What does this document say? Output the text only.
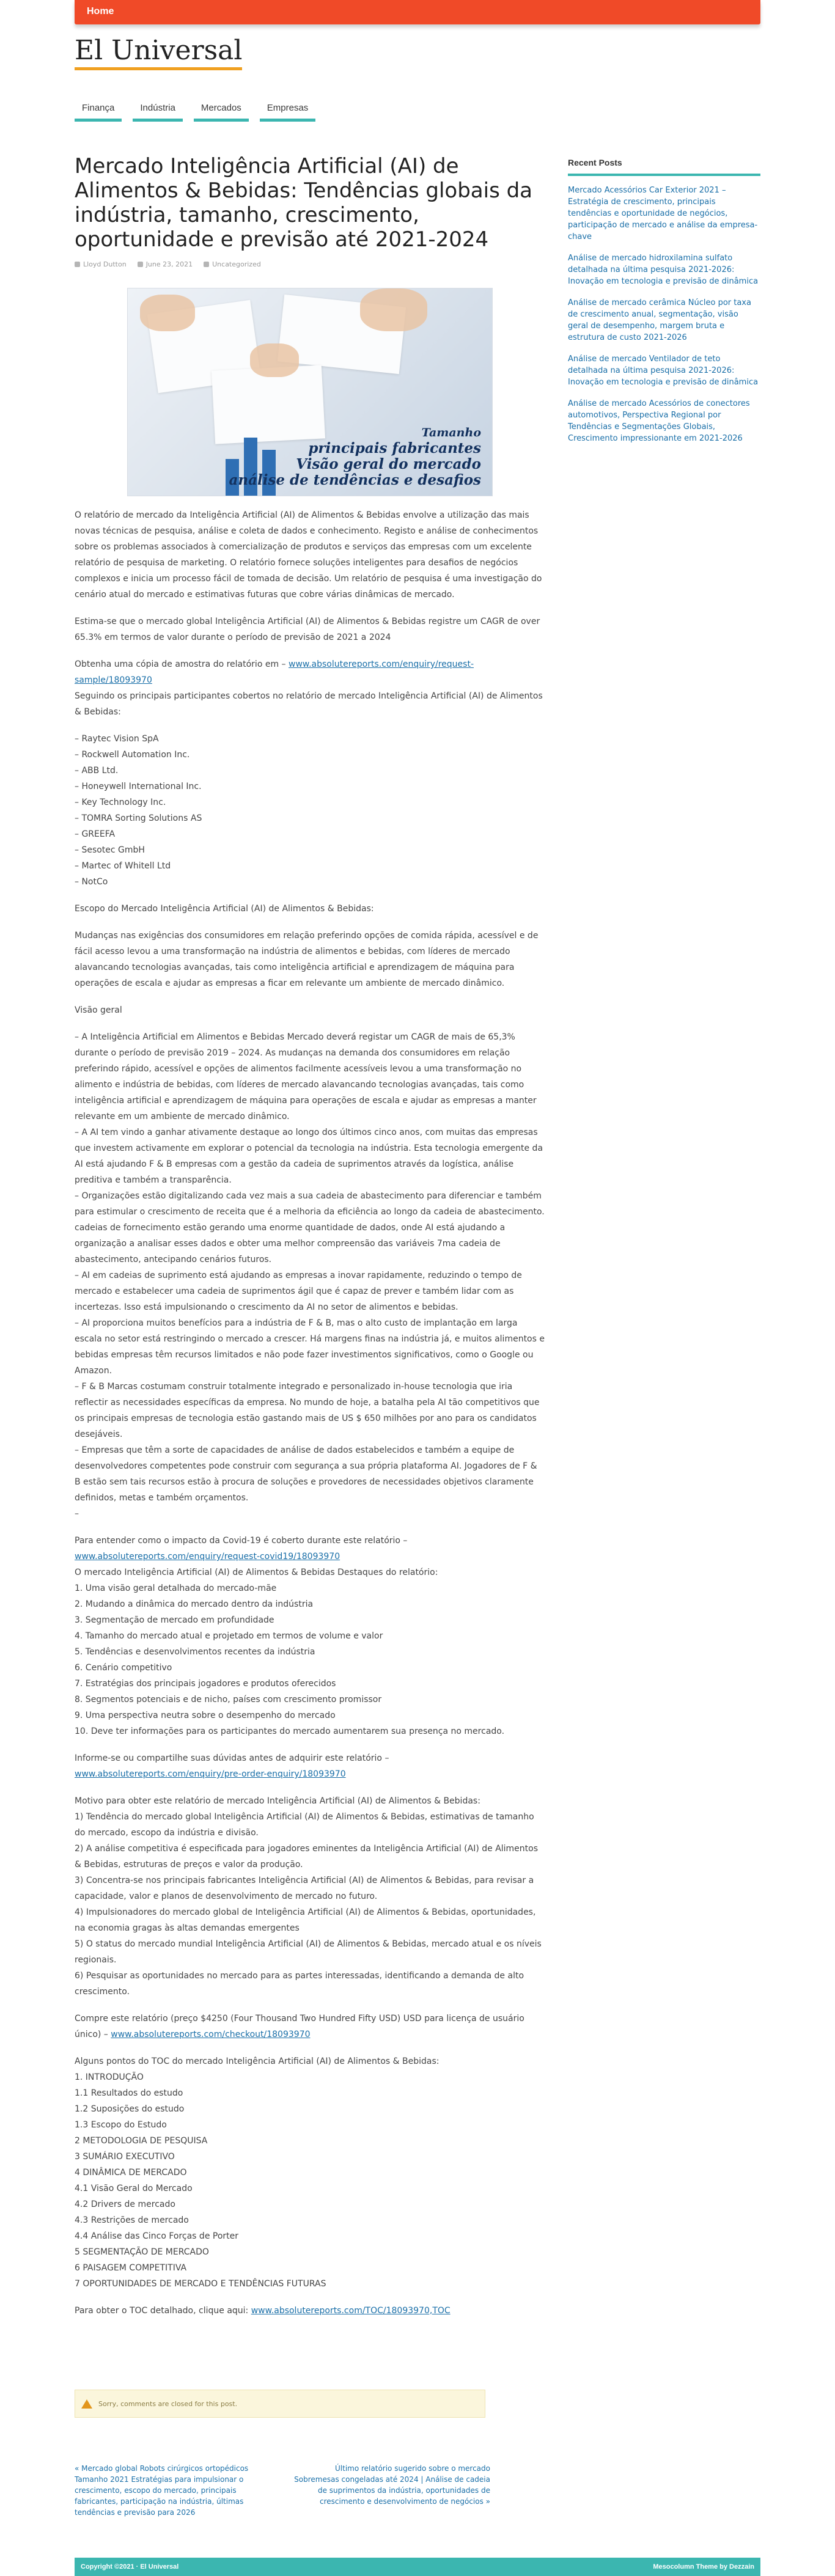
Home
El Universal
Finança	Indústria	Mercados	Empresas
Mercado Inteligência Artificial (AI) de Alimentos & Bebidas: Tendências globais da indústria, tamanho, crescimento, oportunidade e previsão até 2021-2024
Lloyd Dutton	June 23, 2021	Uncategorized
Tamanho
principais fabricantes
Visão geral do mercado
análise de tendências e desafios

O relatório de mercado da Inteligência Artificial (AI) de Alimentos & Bebidas envolve a utilização das mais novas técnicas de pesquisa, análise e coleta de dados e conhecimento. Registo e análise de conhecimentos sobre os problemas associados à comercialização de produtos e serviços das empresas com um excelente relatório de pesquisa de marketing. O relatório fornece soluções inteligentes para desafios de negócios complexos e inicia um processo fácil de tomada de decisão. Um relatório de pesquisa é uma investigação do cenário atual do mercado e estimativas futuras que cobre várias dinâmicas de mercado.

Estima-se que o mercado global Inteligência Artificial (AI) de Alimentos & Bebidas registre um CAGR de over 65.3% em termos de valor durante o período de previsão de 2021 a 2024

Obtenha uma cópia de amostra do relatório em – www.absolutereports.com/enquiry/request-sample/18093970
Seguindo os principais participantes cobertos no relatório de mercado Inteligência Artificial (AI) de Alimentos & Bebidas:

– Raytec Vision SpA
– Rockwell Automation Inc.
– ABB Ltd.
– Honeywell International Inc.
– Key Technology Inc.
– TOMRA Sorting Solutions AS
– GREEFA
– Sesotec GmbH
– Martec of Whitell Ltd
– NotCo

Escopo do Mercado Inteligência Artificial (AI) de Alimentos & Bebidas:

Mudanças nas exigências dos consumidores em relação preferindo opções de comida rápida, acessível e de fácil acesso levou a uma transformação na indústria de alimentos e bebidas, com líderes de mercado alavancando tecnologias avançadas, tais como inteligência artificial e aprendizagem de máquina para operações de escala e ajudar as empresas a ficar em relevante um ambiente de mercado dinâmico.

Visão geral

– A Inteligência Artificial em Alimentos e Bebidas Mercado deverá registar um CAGR de mais de 65,3% durante o período de previsão 2019 – 2024. As mudanças na demanda dos consumidores em relação preferindo rápido, acessível e opções de alimentos facilmente acessíveis levou a uma transformação no alimento e indústria de bebidas, com líderes de mercado alavancando tecnologias avançadas, tais como inteligência artificial e aprendizagem de máquina para operações de escala e ajudar as empresas a manter relevante em um ambiente de mercado dinâmico.
– A AI tem vindo a ganhar ativamente destaque ao longo dos últimos cinco anos, com muitas das empresas que investem activamente em explorar o potencial da tecnologia na indústria. Esta tecnologia emergente da AI está ajudando F & B empresas com a gestão da cadeia de suprimentos através da logística, análise preditiva e também a transparência.
– Organizações estão digitalizando cada vez mais a sua cadeia de abastecimento para diferenciar e também para estimular o crescimento de receita que é a melhoria da eficiência ao longo da cadeia de abastecimento. cadeias de fornecimento estão gerando uma enorme quantidade de dados, onde AI está ajudando a organização a analisar esses dados e obter uma melhor compreensão das variáveis 7ma cadeia de abastecimento, antecipando cenários futuros.
– AI em cadeias de suprimento está ajudando as empresas a inovar rapidamente, reduzindo o tempo de mercado e estabelecer uma cadeia de suprimentos ágil que é capaz de prever e também lidar com as incertezas. Isso está impulsionando o crescimento da AI no setor de alimentos e bebidas.
– AI proporciona muitos benefícios para a indústria de F & B, mas o alto custo de implantação em larga escala no setor está restringindo o mercado a crescer. Há margens finas na indústria já, e muitos alimentos e bebidas empresas têm recursos limitados e não pode fazer investimentos significativos, como o Google ou Amazon.
– F & B Marcas costumam construir totalmente integrado e personalizado in-house tecnologia que iria reflectir as necessidades específicas da empresa. No mundo de hoje, a batalha pela AI tão competitivos que os principais empresas de tecnologia estão gastando mais de US $ 650 milhões por ano para os candidatos desejáveis.
– Empresas que têm a sorte de capacidades de análise de dados estabelecidos e também a equipe de desenvolvedores competentes pode construir com segurança a sua própria plataforma AI. Jogadores de F & B estão sem tais recursos estão à procura de soluções e provedores de necessidades objetivos claramente definidos, metas e também orçamentos.
–

Para entender como o impacto da Covid-19 é coberto durante este relatório –
www.absolutereports.com/enquiry/request-covid19/18093970

O mercado Inteligência Artificial (AI) de Alimentos & Bebidas Destaques do relatório:
1. Uma visão geral detalhada do mercado-mãe
2. Mudando a dinâmica do mercado dentro da indústria
3. Segmentação de mercado em profundidade
4. Tamanho do mercado atual e projetado em termos de volume e valor
5. Tendências e desenvolvimentos recentes da indústria
6. Cenário competitivo
7. Estratégias dos principais jogadores e produtos oferecidos
8. Segmentos potenciais e de nicho, países com crescimento promissor
9. Uma perspectiva neutra sobre o desempenho do mercado
10. Deve ter informações para os participantes do mercado aumentarem sua presença no mercado.

Informe-se ou compartilhe suas dúvidas antes de adquirir este relatório –
www.absolutereports.com/enquiry/pre-order-enquiry/18093970

Motivo para obter este relatório de mercado Inteligência Artificial (AI) de Alimentos & Bebidas:
1) Tendência do mercado global Inteligência Artificial (AI) de Alimentos & Bebidas, estimativas de tamanho do mercado, escopo da indústria e divisão.
2) A análise competitiva é especificada para jogadores eminentes da Inteligência Artificial (AI) de Alimentos & Bebidas, estruturas de preços e valor da produção.
3) Concentra-se nos principais fabricantes Inteligência Artificial (AI) de Alimentos & Bebidas, para revisar a capacidade, valor e planos de desenvolvimento de mercado no futuro.
4) Impulsionadores do mercado global de Inteligência Artificial (AI) de Alimentos & Bebidas, oportunidades, na economia gragas às altas demandas emergentes
5) O status do mercado mundial Inteligência Artificial (AI) de Alimentos & Bebidas, mercado atual e os níveis regionais.
6) Pesquisar as oportunidades no mercado para as partes interessadas, identificando a demanda de alto crescimento.

Compre este relatório (preço $4250 (Four Thousand Two Hundred Fifty USD) USD para licença de usuário único) – www.absolutereports.com/checkout/18093970

Alguns pontos do TOC do mercado Inteligência Artificial (AI) de Alimentos & Bebidas:
1. INTRODUÇÃO
1.1 Resultados do estudo
1.2 Suposições do estudo
1.3 Escopo do Estudo
2 METODOLOGIA DE PESQUISA
3 SUMÁRIO EXECUTIVO
4 DINÂMICA DE MERCADO
4.1 Visão Geral do Mercado
4.2 Drivers de mercado
4.3 Restrições de mercado
4.4 Análise das Cinco Forças de Porter
5 SEGMENTAÇÃO DE MERCADO
6 PAISAGEM COMPETITIVA
7 OPORTUNIDADES DE MERCADO E TENDÊNCIAS FUTURAS

Para obter o TOC detalhado, clique aqui: www.absolutereports.com/TOC/18093970,TOC

Recent Posts
Mercado Acessórios Car Exterior 2021 – Estratégia de crescimento, principais tendências e oportunidade de negócios, participação de mercado e análise da empresa-chave
Análise de mercado hidroxilamina sulfato detalhada na última pesquisa 2021-2026: Inovação em tecnologia e previsão de dinâmica
Análise de mercado cerâmica Núcleo por taxa de crescimento anual, segmentação, visão geral de desempenho, margem bruta e estrutura de custo 2021-2026
Análise de mercado Ventilador de teto detalhada na última pesquisa 2021-2026: Inovação em tecnologia e previsão de dinâmica
Análise de mercado Acessórios de conectores automotivos, Perspectiva Regional por Tendências e Segmentações Globais, Crescimento impressionante em 2021-2026
Sorry, comments are closed for this post.
« Mercado global Robots cirúrgicos ortopédicos Tamanho 2021 Estratégias para impulsionar o crescimento, escopo do mercado, principais fabricantes, participação na indústria, últimas tendências e previsão para 2026
Último relatório sugerido sobre o mercado Sobremesas congeladas até 2024 | Análise de cadeia de suprimentos da indústria, oportunidades de crescimento e desenvolvimento de negócios »
Copyright ©2021 · El Universal	Mesocolumn Theme by Dezzain
